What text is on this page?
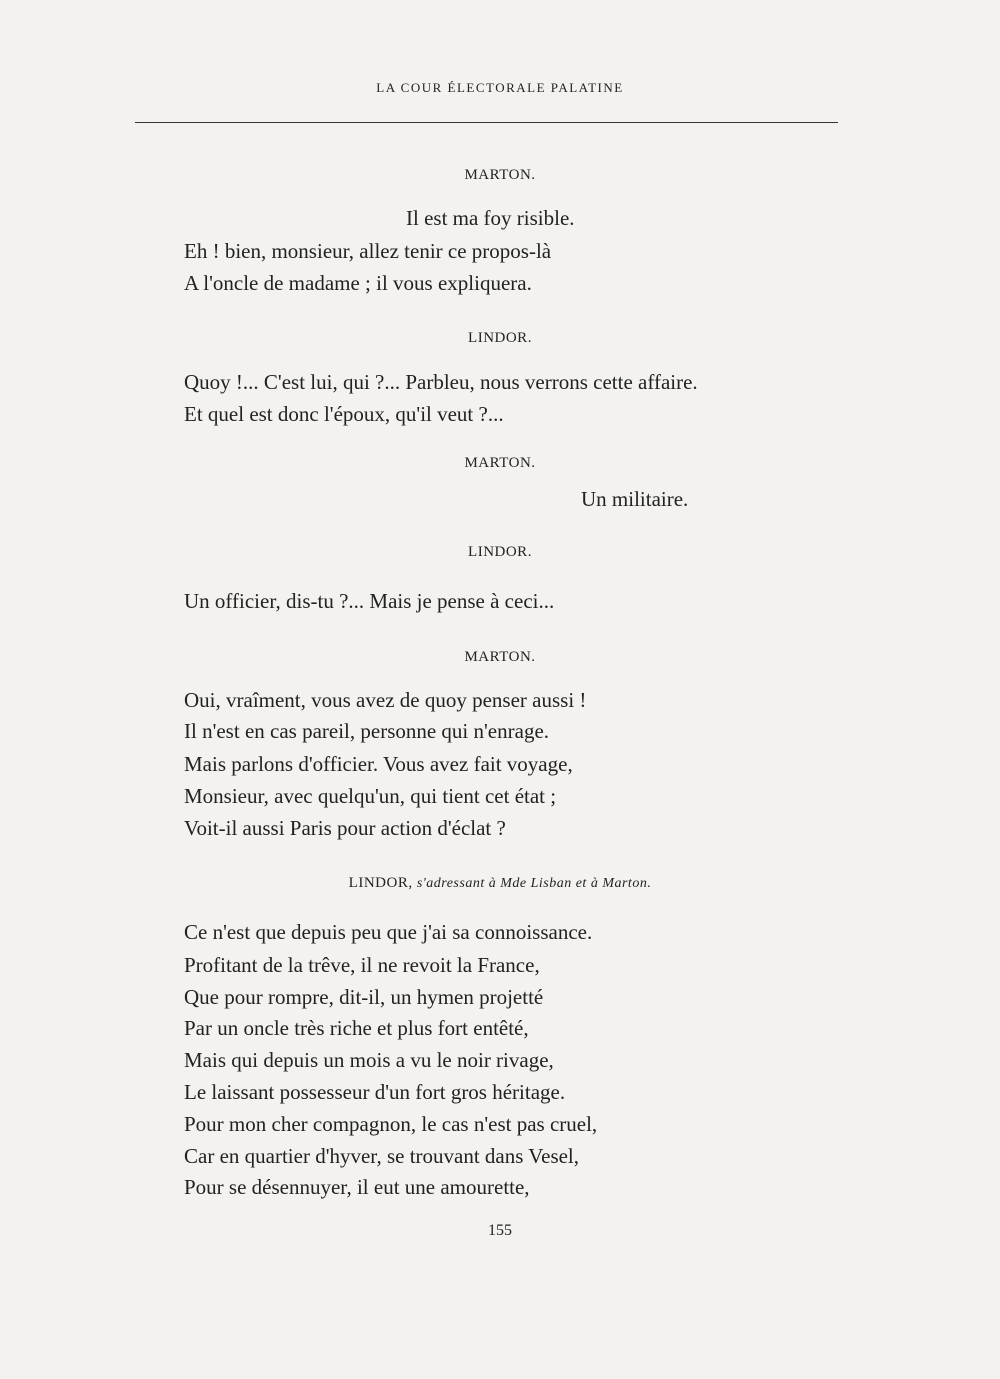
LA COUR ÉLECTORALE PALATINE
MARTON.
Il est ma foy risible.
Eh ! bien, monsieur, allez tenir ce propos-là
A l'oncle de madame ; il vous expliquera.
LINDOR.
Quoy !... C'est lui, qui ?... Parbleu, nous verrons cette affaire.
Et quel est donc l'époux, qu'il veut ?...
MARTON.
Un militaire.
LINDOR.
Un officier, dis-tu ?... Mais je pense à ceci...
MARTON.
Oui, vraîment, vous avez de quoy penser aussi !
Il n'est en cas pareil, personne qui n'enrage.
Mais parlons d'officier. Vous avez fait voyage,
Monsieur, avec quelqu'un, qui tient cet état ;
Voit-il aussi Paris pour action d'éclat ?
LINDOR, s'adressant à Mde Lisban et à Marton.
Ce n'est que depuis peu que j'ai sa connoissance.
Profitant de la trêve, il ne revoit la France,
Que pour rompre, dit-il, un hymen projetté
Par un oncle très riche et plus fort entêté,
Mais qui depuis un mois a vu le noir rivage,
Le laissant possesseur d'un fort gros héritage.
Pour mon cher compagnon, le cas n'est pas cruel,
Car en quartier d'hyver, se trouvant dans Vesel,
Pour se désennuyer, il eut une amourette,
155
